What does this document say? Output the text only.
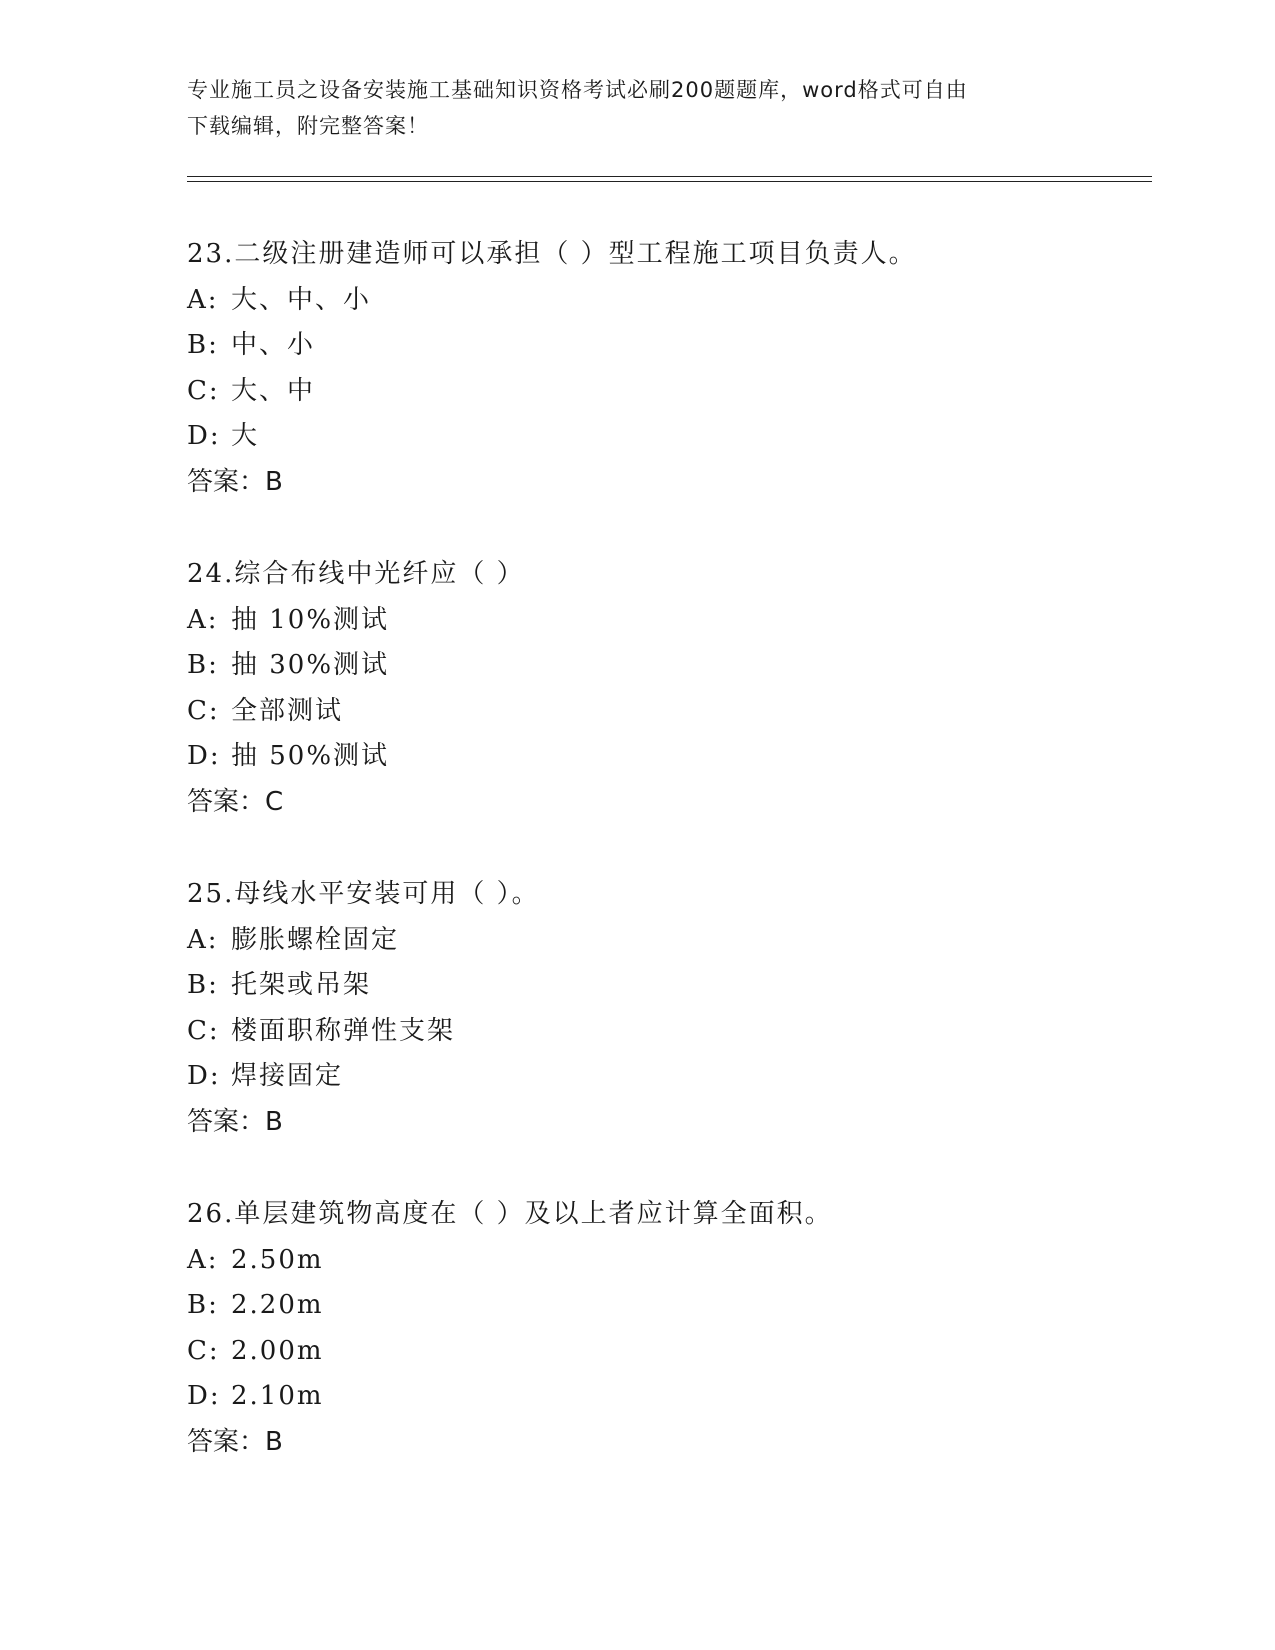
专业施工员之设备安装施工基础知识资格考试必刷200题题库，word格式可自由
下载编辑，附完整答案！
23.二级注册建造师可以承担（ ）型工程施工项目负责人。
A: 大、中、小
B: 中、小
C: 大、中
D: 大
答案：B
24.综合布线中光纤应（ ）
A: 抽 10%测试
B: 抽 30%测试
C: 全部测试
D: 抽 50%测试
答案：C
25.母线水平安装可用（ ）。
A: 膨胀螺栓固定
B: 托架或吊架
C: 楼面职称弹性支架
D: 焊接固定
答案：B
26.单层建筑物高度在（ ）及以上者应计算全面积。
A: 2.50m
B: 2.20m
C: 2.00m
D: 2.10m
答案：B
